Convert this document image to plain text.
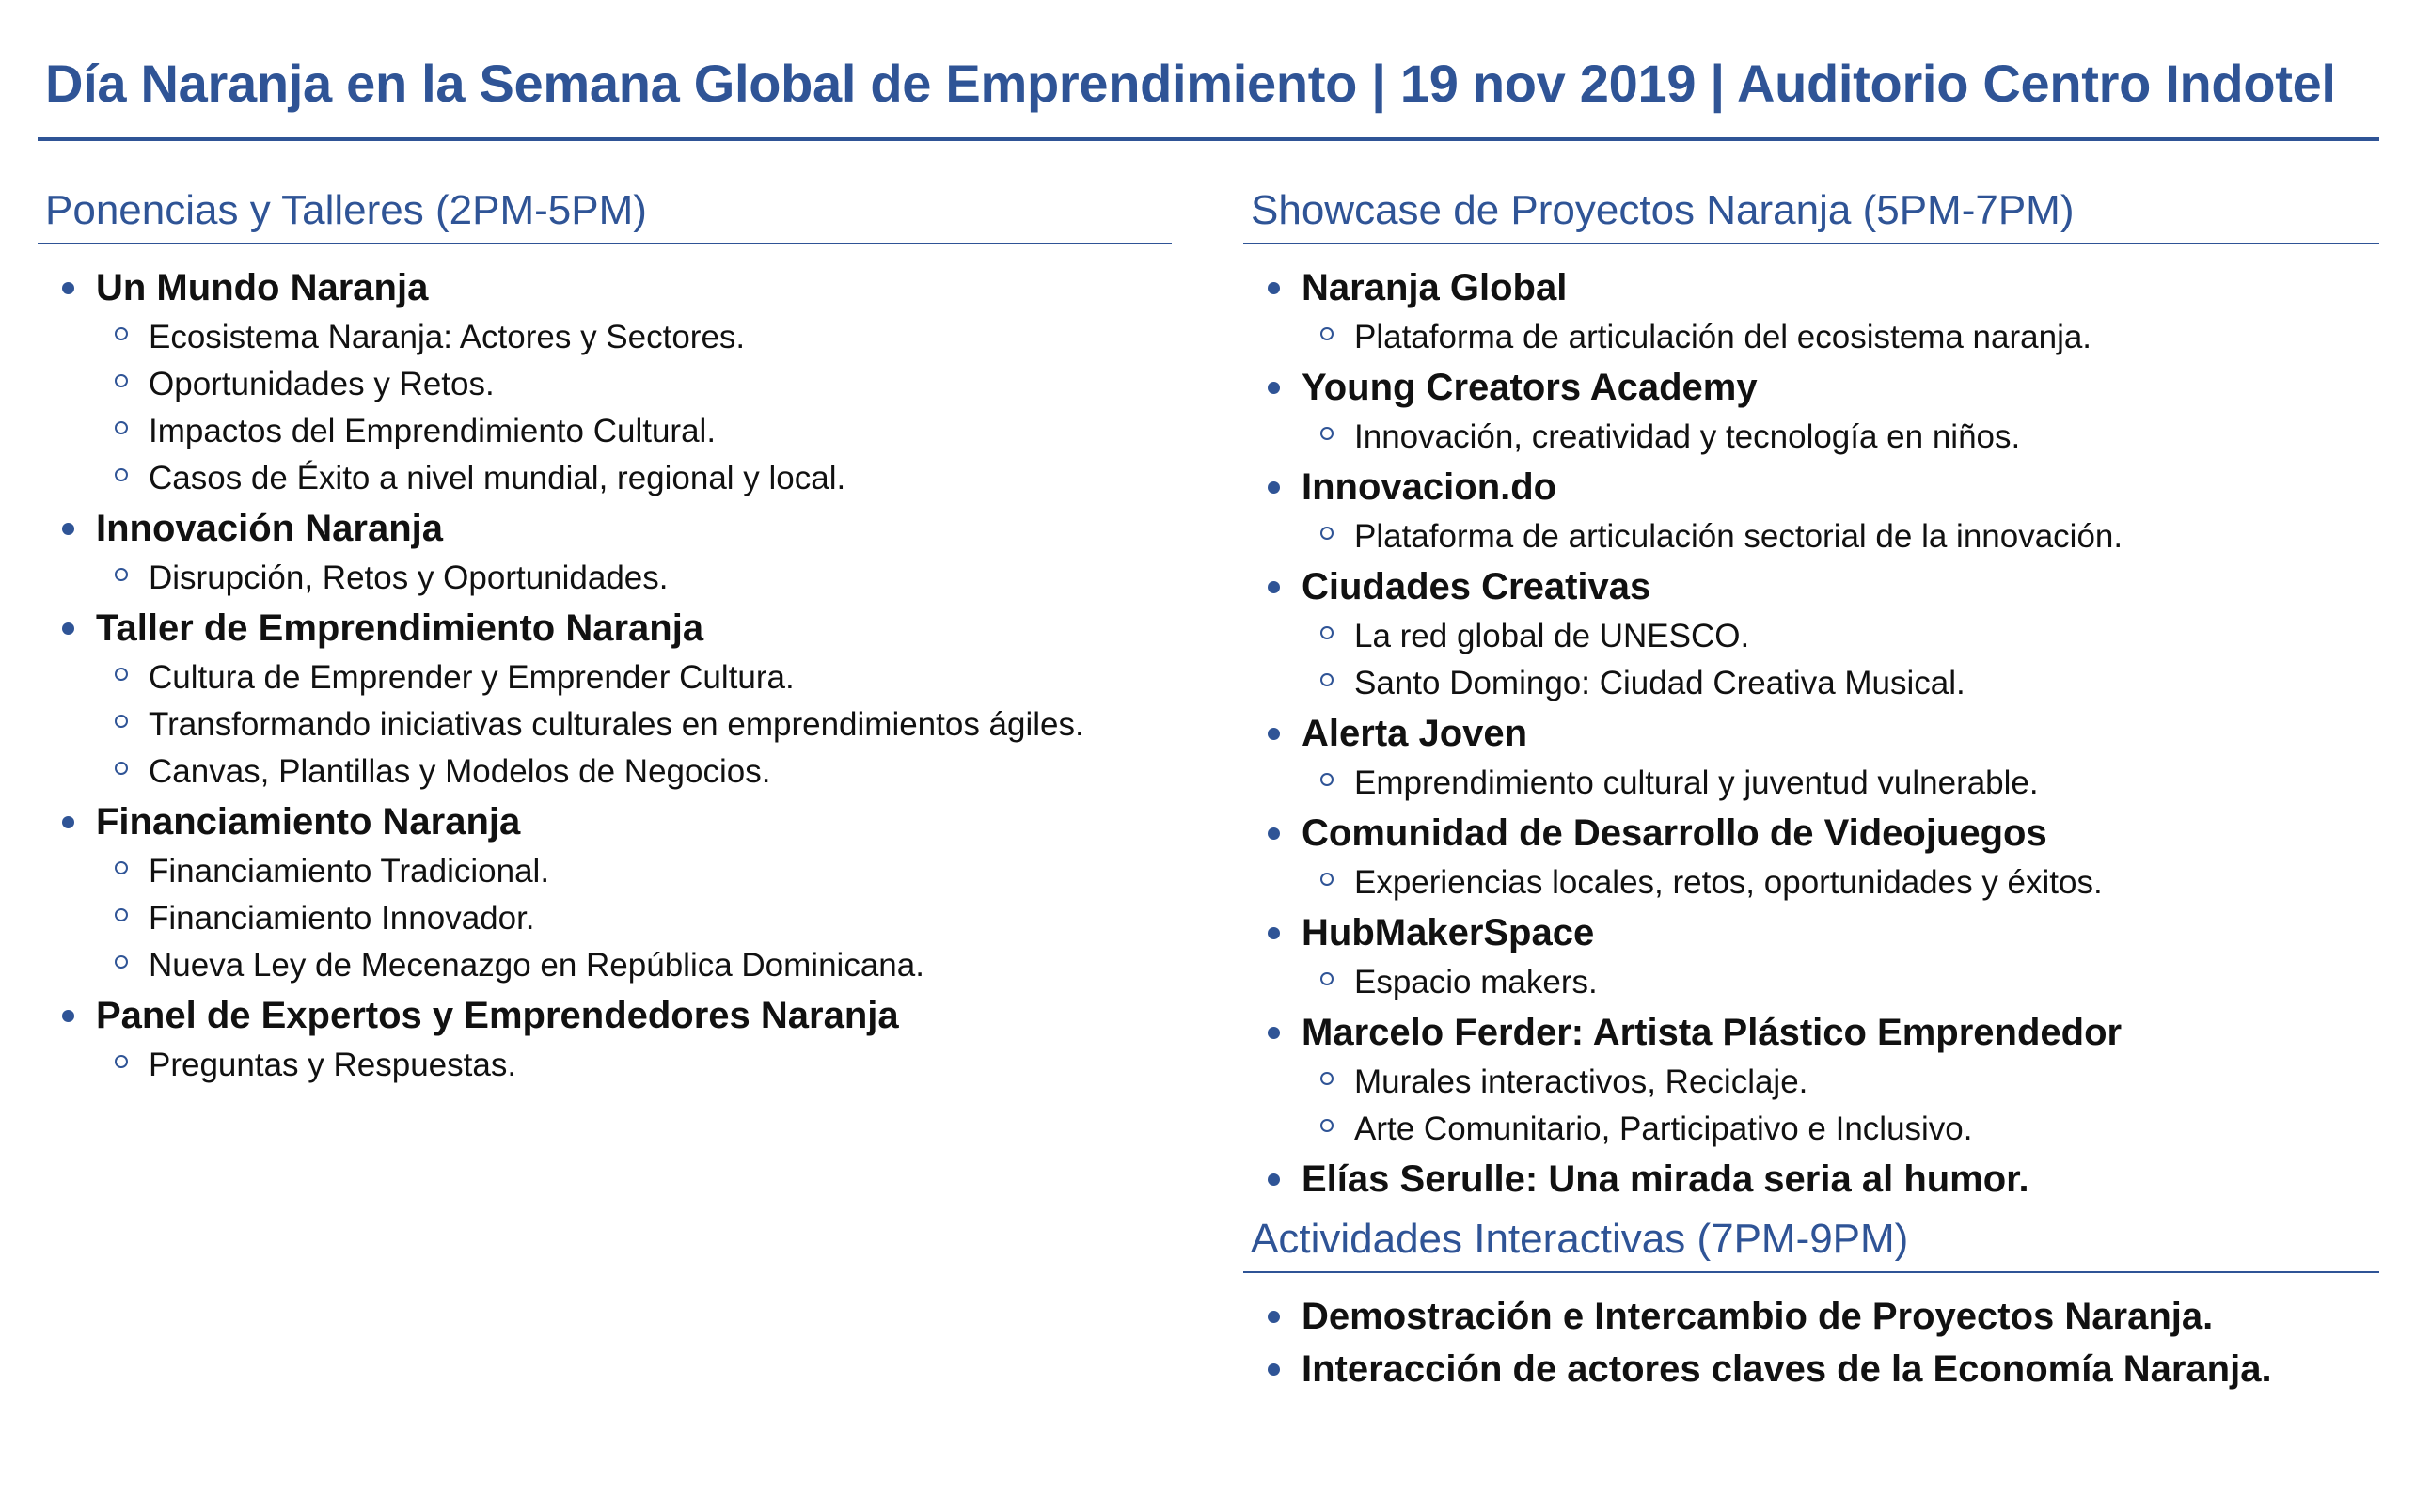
Día Naranja en la Semana Global de Emprendimiento | 19 nov 2019 | Auditorio Centro Indotel
Ponencias y Talleres (2PM-5PM)
Un Mundo Naranja
Ecosistema Naranja: Actores y Sectores.
Oportunidades y Retos.
Impactos del Emprendimiento Cultural.
Casos de Éxito a nivel mundial, regional y local.
Innovación Naranja
Disrupción, Retos y Oportunidades.
Taller de Emprendimiento Naranja
Cultura de Emprender y Emprender Cultura.
Transformando iniciativas culturales en emprendimientos ágiles.
Canvas, Plantillas y Modelos de Negocios.
Financiamiento Naranja
Financiamiento Tradicional.
Financiamiento Innovador.
Nueva Ley de Mecenazgo en República Dominicana.
Panel de Expertos y Emprendedores Naranja
Preguntas y Respuestas.
Showcase de Proyectos Naranja (5PM-7PM)
Naranja Global
Plataforma de articulación del ecosistema naranja.
Young Creators Academy
Innovación, creatividad y tecnología en niños.
Innovacion.do
Plataforma de articulación sectorial de la innovación.
Ciudades Creativas
La red global de UNESCO.
Santo Domingo: Ciudad Creativa Musical.
Alerta Joven
Emprendimiento cultural y juventud vulnerable.
Comunidad de Desarrollo de Videojuegos
Experiencias locales, retos, oportunidades y éxitos.
HubMakerSpace
Espacio makers.
Marcelo Ferder: Artista Plástico Emprendedor
Murales interactivos, Reciclaje.
Arte Comunitario, Participativo e Inclusivo.
Elías Serulle: Una mirada seria al humor.
Actividades Interactivas (7PM-9PM)
Demostración e Intercambio de Proyectos Naranja.
Interacción de actores claves de la Economía Naranja.
